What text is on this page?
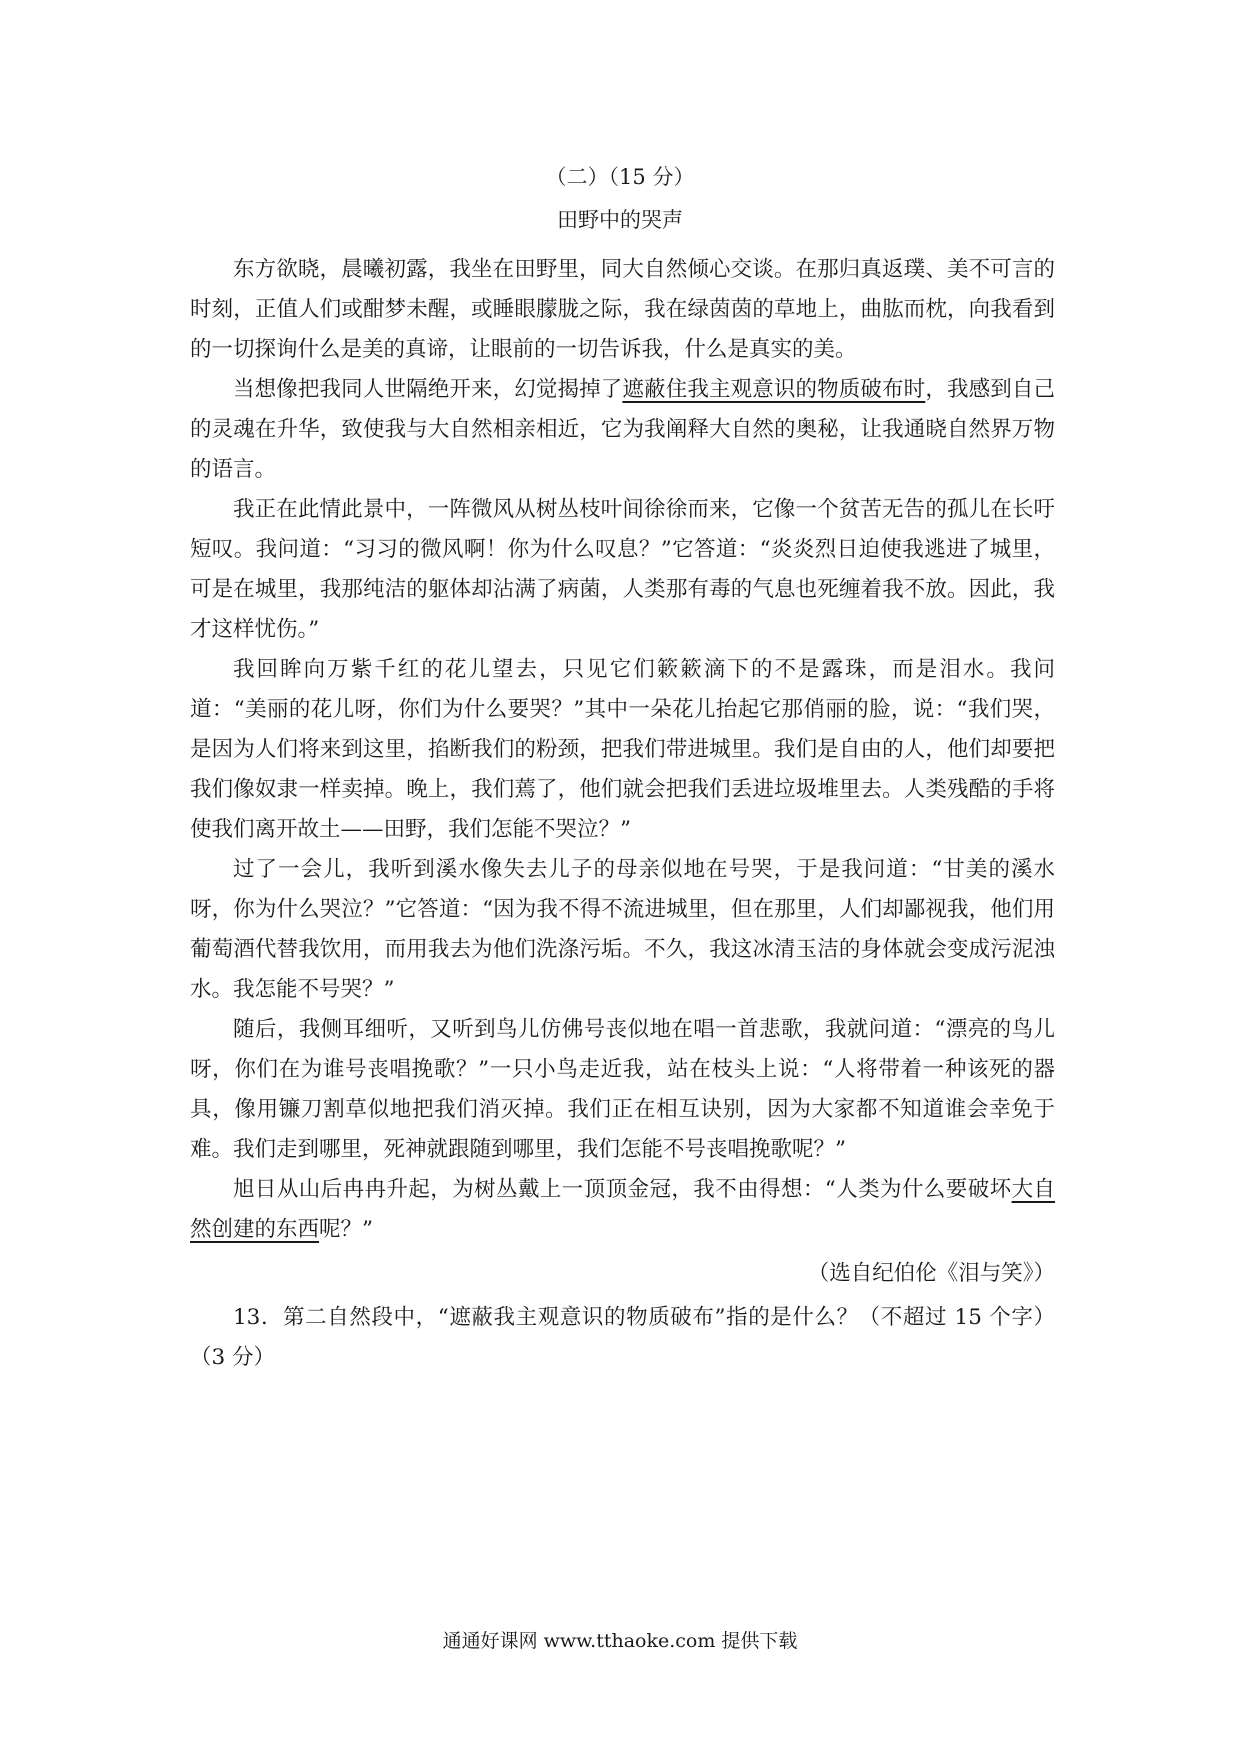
（二）（15 分）
田野中的哭声

东方欲晓，晨曦初露，我坐在田野里，同大自然倾心交谈。在那归真返璞、美不可言的时刻，正值人们或酣梦未醒，或睡眼朦胧之际，我在绿茵茵的草地上，曲肱而枕，向我看到的一切探询什么是美的真谛，让眼前的一切告诉我，什么是真实的美。

当想像把我同人世隔绝开来，幻觉揭掉了遮蔽住我主观意识的物质破布时，我感到自己的灵魂在升华，致使我与大自然相亲相近，它为我阐释大自然的奥秘，让我通晓自然界万物的语言。

我正在此情此景中，一阵微风从树丛枝叶间徐徐而来，它像一个贫苦无告的孤儿在长吁短叹。我问道：“习习的微风啊！你为什么叹息？”它答道：“炎炎烈日迫使我逃进了城里，可是在城里，我那纯洁的躯体却沾满了病菌，人类那有毒的气息也死缠着我不放。因此，我才这样忧伤。”

我回眸向万紫千红的花儿望去，只见它们簌簌滴下的不是露珠，而是泪水。我问道：“美丽的花儿呀，你们为什么要哭？”其中一朵花儿抬起它那俏丽的脸，说：“我们哭，是因为人们将来到这里，掐断我们的粉颈，把我们带进城里。我们是自由的人，他们却要把我们像奴隶一样卖掉。晚上，我们蔫了，他们就会把我们丢进垃圾堆里去。人类残酷的手将使我们离开故土——田野，我们怎能不哭泣？”

过了一会儿，我听到溪水像失去儿子的母亲似地在号哭，于是我问道：“甘美的溪水呀，你为什么哭泣？”它答道：“因为我不得不流进城里，但在那里，人们却鄙视我，他们用葡萄酒代替我饮用，而用我去为他们洗涤污垢。不久，我这冰清玉洁的身体就会变成污泥浊水。我怎能不号哭？”

随后，我侧耳细听，又听到鸟儿仿佛号丧似地在唱一首悲歌，我就问道：“漂亮的鸟儿呀，你们在为谁号丧唱挽歌？”一只小鸟走近我，站在枝头上说：“人将带着一种该死的器具，像用镰刀割草似地把我们消灭掉。我们正在相互诀别，因为大家都不知道谁会幸免于难。我们走到哪里，死神就跟随到哪里，我们怎能不号丧唱挽歌呢？”

旭日从山后冉冉升起，为树丛戴上一顶顶金冠，我不由得想：“人类为什么要破坏大自然创建的东西呢？”

（选自纪伯伦《泪与笑》）

13．第二自然段中，“遮蔽我主观意识的物质破布”指的是什么？（不超过 15 个字）（3 分）

通通好课网 www.tthaoke.com 提供下载
